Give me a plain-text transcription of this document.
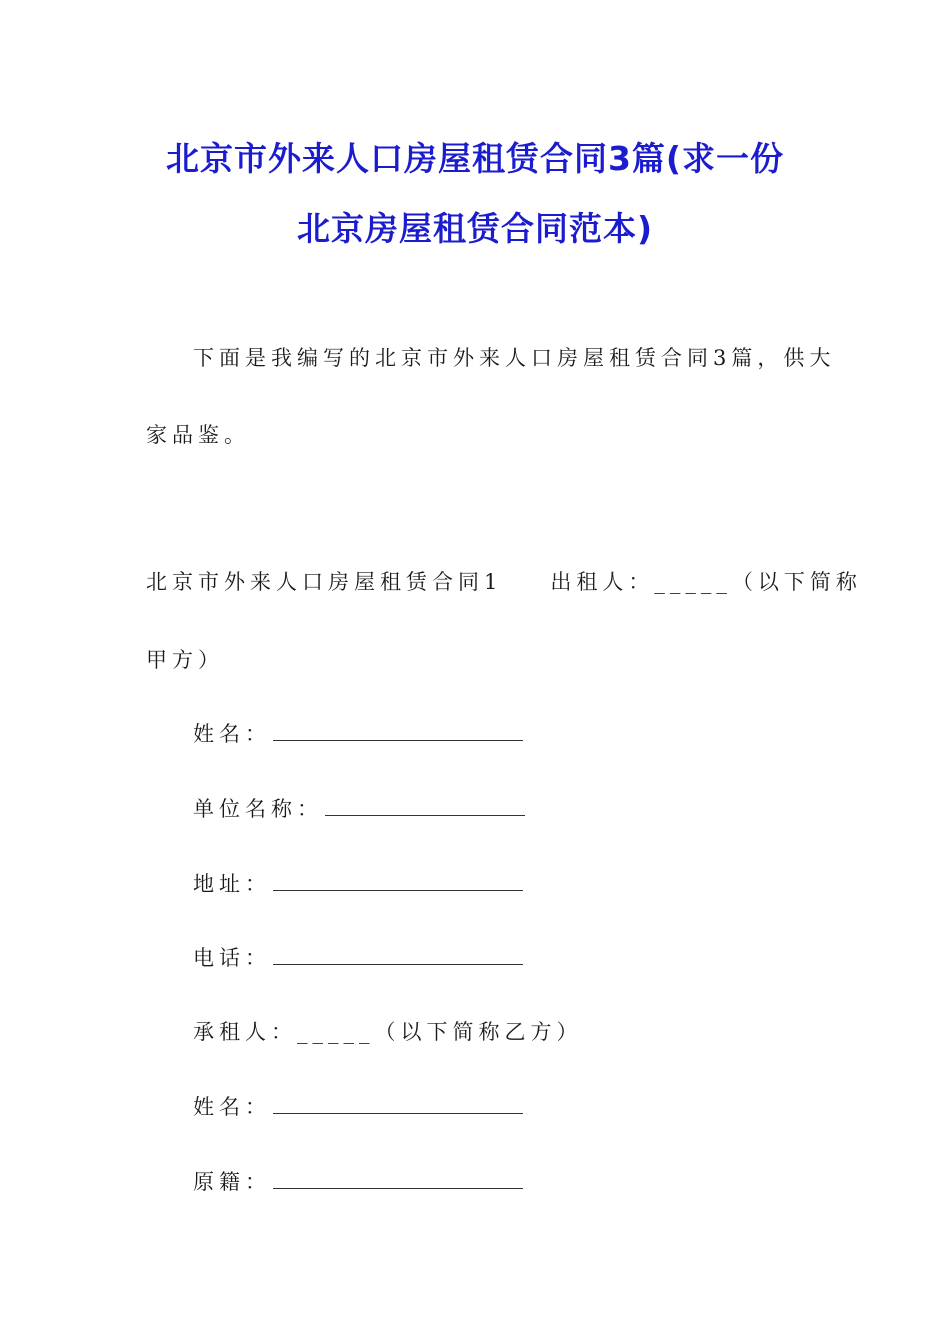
北京市外来人口房屋租赁合同3篇(求一份
北京房屋租赁合同范本)
下面是我编写的北京市外来人口房屋租赁合同3篇，供大
家品鉴。
北京市外来人口房屋租赁合同1 出租人：_____（以下简称
甲方）
姓名：
单位名称：
地址：
电话：
承租人：_____（以下简称乙方）
姓名：
原籍：
